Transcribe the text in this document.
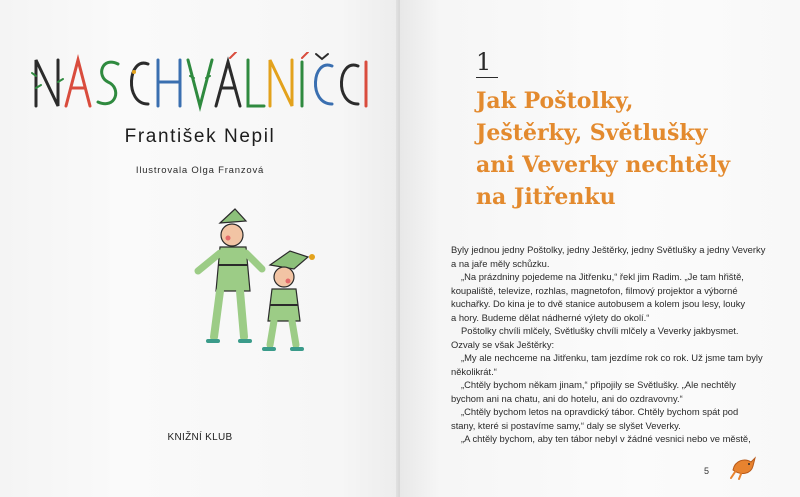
František Nepil
Ilustrovala Olga Franzová
KNIŽNÍ KLUB
1
Jak Poštolky,
Ještěrky, Světlušky
ani Veverky nechtěly
na Jitřenku
Byly jednou jedny Poštolky, jedny Ještěrky, jedny Světlušky a jedny Veverky
a na jaře měly schůzku.
„Na prázdniny pojedeme na Jitřenku,“ řekl jim Radim. „Je tam hřiště,
koupaliště, televize, rozhlas, magnetofon, filmový projektor a výborné
kuchařky. Do kina je to dvě stanice autobusem a kolem jsou lesy, louky
a hory. Budeme dělat nádherné výlety do okolí.“
Poštolky chvíli mlčely, Světlušky chvíli mlčely a Veverky jakbysmet.
Ozvaly se však Ještěrky:
„My ale nechceme na Jitřenku, tam jezdíme rok co rok. Už jsme tam byly
několikrát.“
„Chtěly bychom někam jinam,“ připojily se Světlušky. „Ale nechtěly
bychom ani na chatu, ani do hotelu, ani do ozdravovny.“
„Chtěly bychom letos na opravdický tábor. Chtěly bychom spát pod
stany, které si postavíme samy,“ daly se slyšet Veverky.
„A chtěly bychom, aby ten tábor nebyl v žádné vesnici nebo ve městě,
5
